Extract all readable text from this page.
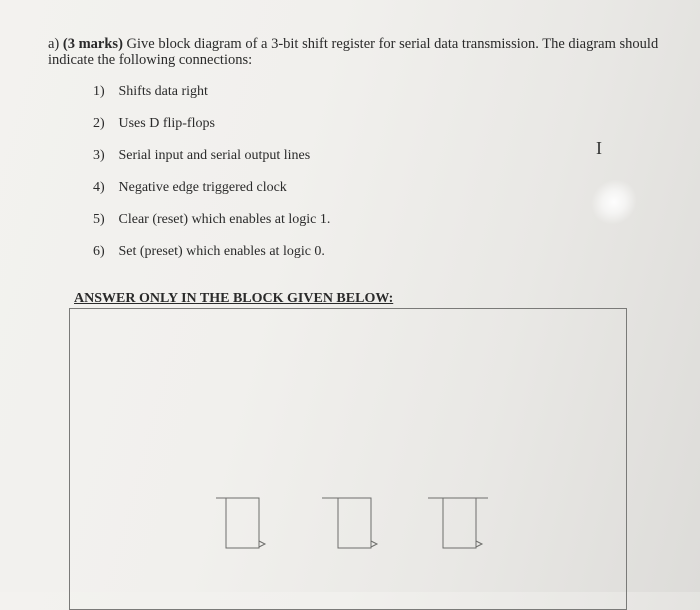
a) (3 marks) Give block diagram of a 3-bit shift register for serial data transmission. The diagram should
indicate the following connections:
1) Shifts data right
2) Uses D flip-flops
3) Serial input and serial output lines
4) Negative edge triggered clock
5) Clear (reset) which enables at logic 1.
6) Set (preset) which enables at logic 0.
I
ANSWER ONLY IN THE BLOCK GIVEN BELOW:
